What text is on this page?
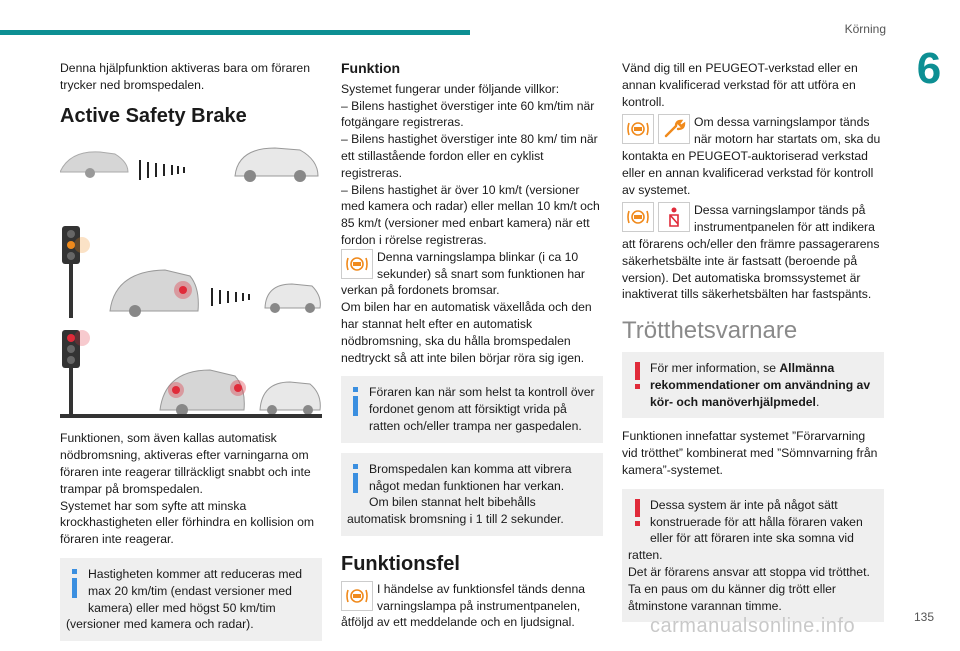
Körning
6

Denna hjälpfunktion aktiveras bara om föraren trycker ned bromspedalen.

Active Safety Brake

Funktionen, som även kallas automatisk nödbromsning, aktiveras efter varningarna om föraren inte reagerar tillräckligt snabbt och inte trampar på bromspedalen.

Systemet har som syfte att minska krockhastigheten eller förhindra en kollision om föraren inte reagerar.

Hastigheten kommer att reduceras med max 20 km/tim (endast versioner med kamera) eller med högst 50 km/tim (versioner med kamera och radar).
Funktion

Systemet fungerar under följande villkor:

– Bilens hastighet överstiger inte 60 km/tim när fotgängare registreras.

– Bilens hastighet överstiger inte 80 km/ tim när ett stillastående fordon eller en cyklist registreras.

– Bilens hastighet är över 10 km/t (versioner med kamera och radar) eller mellan 10 km/t och 85 km/t (versioner med enbart kamera) när ett fordon i rörelse registreras.

Denna varningslampa blinkar (i ca 10 sekunder) så snart som funktionen har verkan på fordonets bromsar.

Om bilen har en automatisk växellåda och den har stannat helt efter en automatisk nödbromsning, ska du hålla bromspedalen nedtryckt så att inte bilen börjar röra sig igen.

Föraren kan när som helst ta kontroll över fordonet genom att försiktigt vrida på ratten och/eller trampa ner gaspedalen.
Bromspedalen kan komma att vibrera något medan funktionen har verkan.
Om bilen stannat helt bibehålls automatisk bromsning i 1 till 2 sekunder.
Funktionsfel

I händelse av funktionsfel tänds denna varningslampa på instrumentpanelen, åtföljd av ett meddelande och en ljudsignal.

Vänd dig till en PEUGEOT-verkstad eller en annan kvalificerad verkstad för att utföra en kontroll.

Om dessa varningslampor tänds när motorn har startats om, ska du kontakta en PEUGEOT-auktoriserad verkstad eller en annan kvalificerad verkstad för kontroll av systemet.

Dessa varningslampor tänds på instrumentpanelen för att indikera att förarens och/eller den främre passagerarens säkerhetsbälte inte är fastsatt (beroende på version). Det automatiska bromssystemet är inaktiverat tills säkerhetsbälten har fastspänts.

Trötthetsvarnare
För mer information, se Allmänna rekommendationer om användning av kör- och manöverhjälpmedel.

Funktionen innefattar systemet ”Förarvarning vid trötthet” kombinerat med ”Sömnvarning från kamera”-systemet.

Dessa system är inte på något sätt konstruerade för att hålla föraren vaken eller för att föraren inte ska somna vid ratten.
Det är förarens ansvar att stoppa vid trötthet. Ta en paus om du känner dig trött eller åtminstone varannan timme.
135
carmanualsonline.info
